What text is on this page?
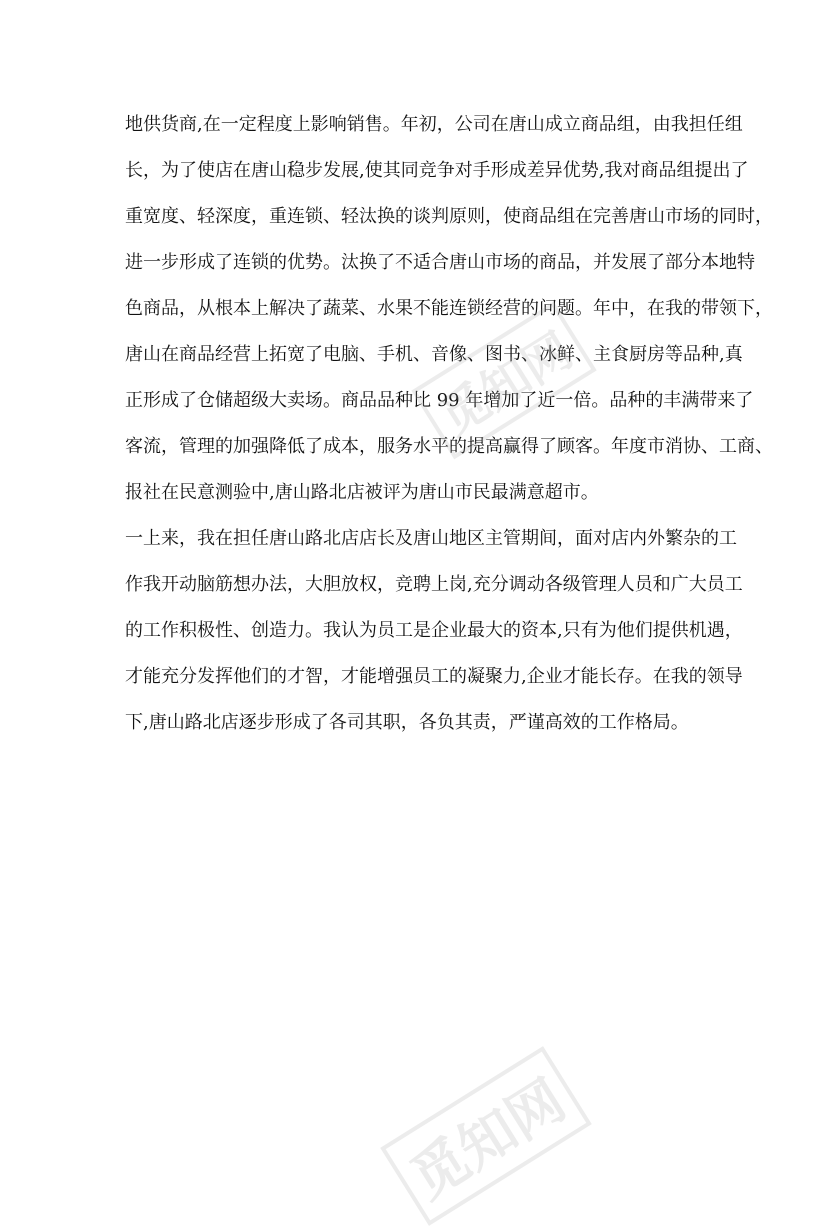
地供货商,在一定程度上影响销售。年初，公司在唐山成立商品组，由我担任组
长，为了使店在唐山稳步发展,使其同竞争对手形成差异优势,我对商品组提出了
重宽度、轻深度，重连锁、轻汰换的谈判原则，使商品组在完善唐山市场的同时，
进一步形成了连锁的优势。汰换了不适合唐山市场的商品，并发展了部分本地特
色商品，从根本上解决了蔬菜、水果不能连锁经营的问题。年中，在我的带领下，
唐山在商品经营上拓宽了电脑、手机、音像、图书、冰鲜、主食厨房等品种,真
正形成了仓储超级大卖场。商品品种比 99 年增加了近一倍。品种的丰满带来了
客流，管理的加强降低了成本，服务水平的提高赢得了顾客。年度市消协、工商、
报社在民意测验中,唐山路北店被评为唐山市民最满意超市。
一上来，我在担任唐山路北店店长及唐山地区主管期间，面对店内外繁杂的工
作我开动脑筋想办法，大胆放权，竞聘上岗,充分调动各级管理人员和广大员工
的工作积极性、创造力。我认为员工是企业最大的资本,只有为他们提供机遇，
才能充分发挥他们的才智，才能增强员工的凝聚力,企业才能长存。在我的领导
下,唐山路北店逐步形成了各司其职，各负其责，严谨高效的工作格局。
觅知网
觅知网
